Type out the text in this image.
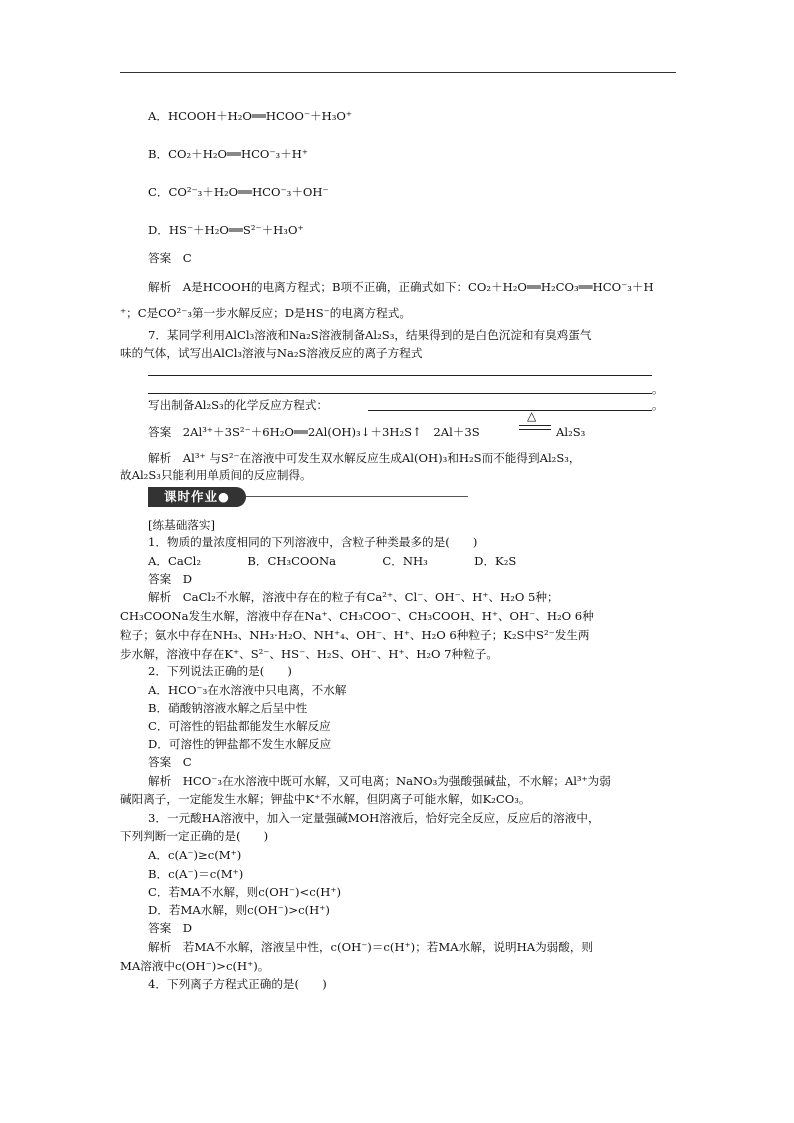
A．HCOOH＋H₂O══HCOO⁻＋H₃O⁺
B．CO₂＋H₂O══HCO⁻₃＋H⁺
C．CO²⁻₃＋H₂O══HCO⁻₃＋OH⁻
D．HS⁻＋H₂O══S²⁻＋H₃O⁺
答案　C
解析　A是HCOOH的电离方程式；B项不正确，正确式如下：CO₂＋H₂O══H₂CO₃══HCO⁻₃＋H
⁺；C是CO²⁻₃第一步水解反应；D是HS⁻的电离方程式。
7．某同学利用AlCl₃溶液和Na₂S溶液制备Al₂S₃，结果得到的是白色沉淀和有臭鸡蛋气
味的气体，试写出AlCl₃溶液与Na₂S溶液反应的离子方程式
。
写出制备Al₂S₃的化学反应方程式：	。
答案　2Al³⁺＋3S²⁻＋6H₂O══2Al(OH)₃↓＋3H₂S↑　2Al＋3S
△
Al₂S₃
解析　Al³⁺ 与S²⁻在溶液中可发生双水解反应生成Al(OH)₃和H₂S而不能得到Al₂S₃，
故Al₂S₃只能利用单质间的反应制得。
课时作业●
[练基础落实]
1．物质的量浓度相同的下列溶液中，含粒子种类最多的是(　　)
A．CaCl₂　　　　B．CH₃COONa　　　　C．NH₃　　　　D．K₂S
答案　D
解析　CaCl₂不水解，溶液中存在的粒子有Ca²⁺、Cl⁻、OH⁻、H⁺、H₂O 5种；
CH₃COONa发生水解，溶液中存在Na⁺、CH₃COO⁻、CH₃COOH、H⁺、OH⁻、H₂O 6种
粒子；氨水中存在NH₃、NH₃·H₂O、NH⁺₄、OH⁻、H⁺、H₂O 6种粒子；K₂S中S²⁻发生两
步水解，溶液中存在K⁺、S²⁻、HS⁻、H₂S、OH⁻、H⁺、H₂O 7种粒子。
2．下列说法正确的是(　　)
A．HCO⁻₃在水溶液中只电离，不水解
B．硝酸钠溶液水解之后呈中性
C．可溶性的铝盐都能发生水解反应
D．可溶性的钾盐都不发生水解反应
答案　C
解析　HCO⁻₃在水溶液中既可水解，又可电离；NaNO₃为强酸强碱盐，不水解；Al³⁺为弱
碱阳离子，一定能发生水解；钾盐中K⁺不水解，但阴离子可能水解，如K₂CO₃。
3．一元酸HA溶液中，加入一定量强碱MOH溶液后，恰好完全反应，反应后的溶液中，
下列判断一定正确的是(　　)
A．c(A⁻)≥c(M⁺)
B．c(A⁻)＝c(M⁺)
C．若MA不水解，则c(OH⁻)<c(H⁺)
D．若MA水解，则c(OH⁻)>c(H⁺)
答案　D
解析　若MA不水解，溶液呈中性，c(OH⁻)＝c(H⁺)；若MA水解，说明HA为弱酸，则
MA溶液中c(OH⁻)>c(H⁺)。
4．下列离子方程式正确的是(　　)
